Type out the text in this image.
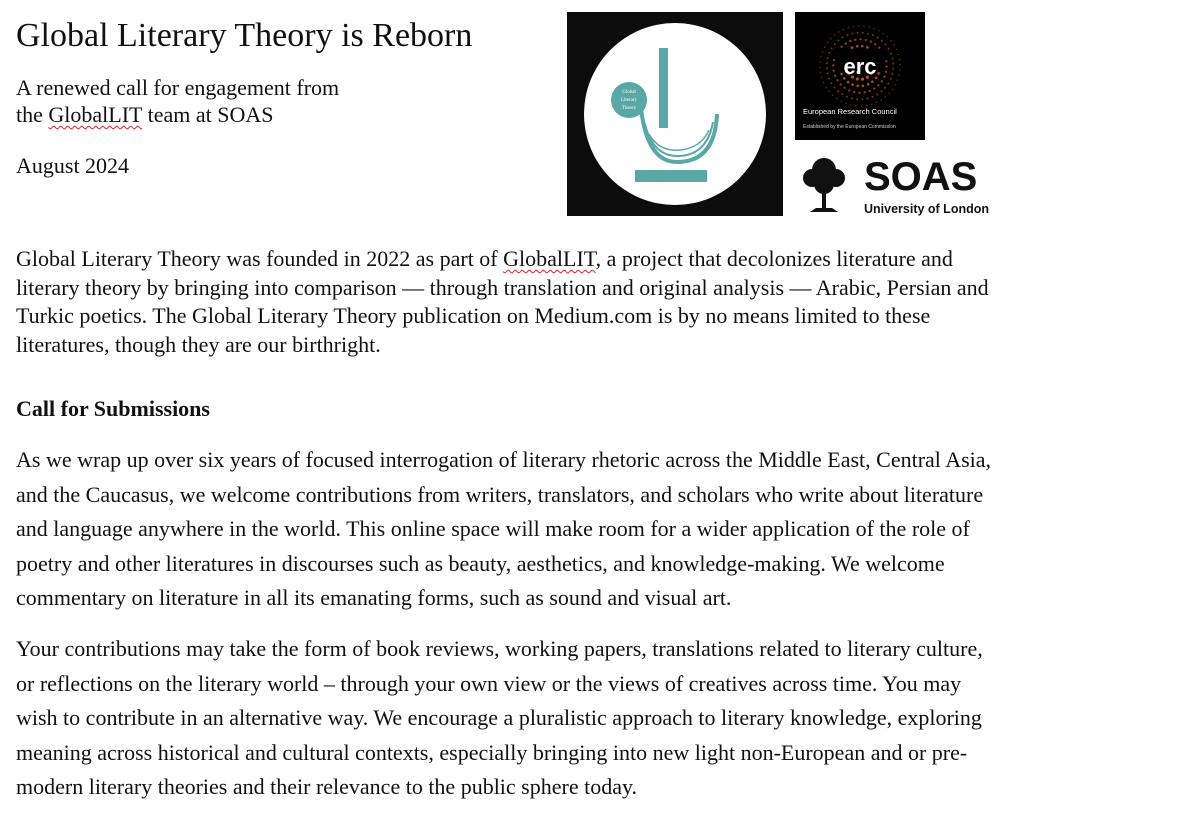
Global Literary Theory is Reborn
A renewed call for engagement from
the GlobalLIT team at SOAS
August 2024
Global
Literary
Theory
erc
European Research Council
Established by the European Commission
SOAS
University of London

Global Literary Theory was founded in 2022 as part of GlobalLIT, a project that decolonizes literature and
literary theory by bringing into comparison — through translation and original analysis — Arabic, Persian and
Turkic poetics. The Global Literary Theory publication on Medium.com is by no means limited to these
literatures, though they are our birthright.

Call for Submissions

As we wrap up over six years of focused interrogation of literary rhetoric across the Middle East, Central Asia,
and the Caucasus, we welcome contributions from writers, translators, and scholars who write about literature
and language anywhere in the world. This online space will make room for a wider application of the role of
poetry and other literatures in discourses such as beauty, aesthetics, and knowledge-making. We welcome
commentary on literature in all its emanating forms, such as sound and visual art.

Your contributions may take the form of book reviews, working papers, translations related to literary culture,
or reflections on the literary world – through your own view or the views of creatives across time. You may
wish to contribute in an alternative way. We encourage a pluralistic approach to literary knowledge, exploring
meaning across historical and cultural contexts, especially bringing into new light non-European and or pre-
modern literary theories and their relevance to the public sphere today.
